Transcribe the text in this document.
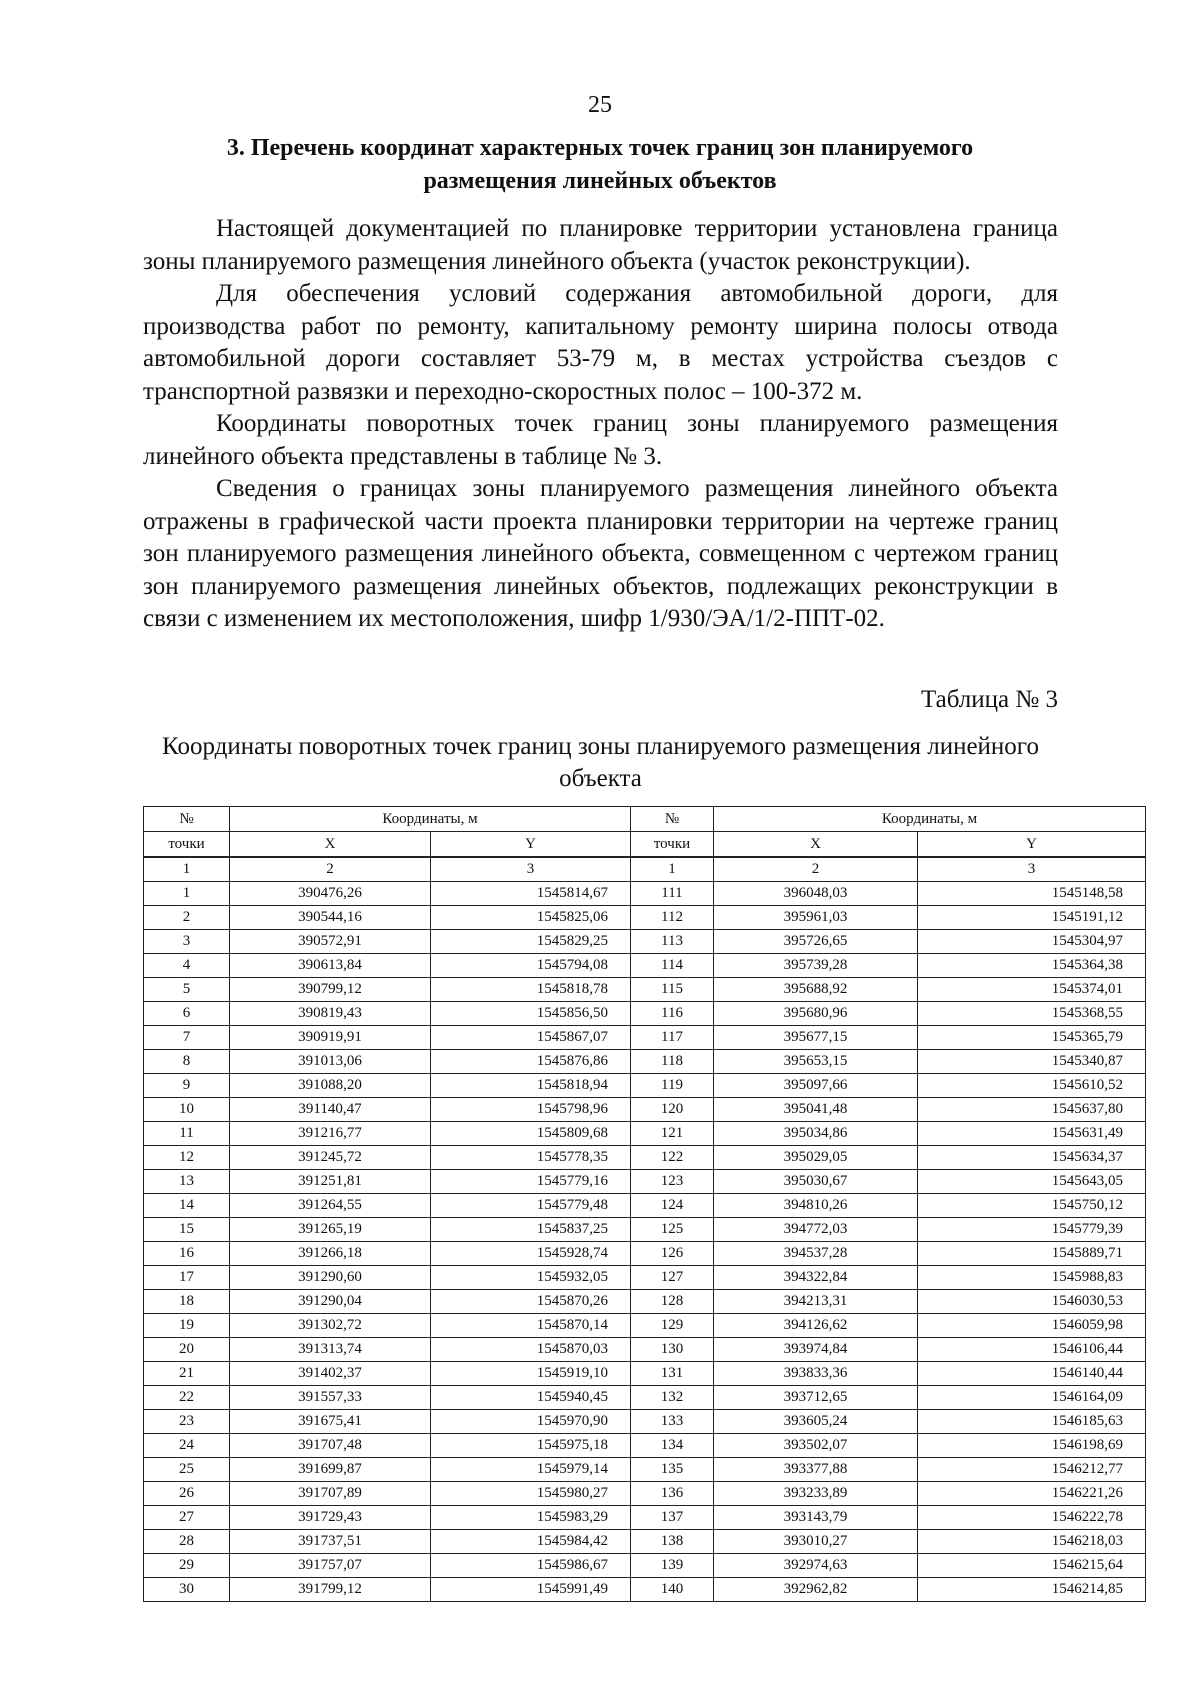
25
3. Перечень координат характерных точек границ зон планируемого
размещения линейных объектов

Настоящей документацией по планировке территории установлена граница зоны планируемого размещения линейного объекта (участок реконструкции).

Для обеспечения условий содержания автомобильной дороги, для производства работ по ремонту, капитальному ремонту ширина полосы отвода автомобильной дороги составляет 53-79 м, в местах устройства съездов с транспортной развязки и переходно-скоростных полос – 100-372 м.

Координаты поворотных точек границ зоны планируемого размещения линейного объекта представлены в таблице № 3.

Сведения о границах зоны планируемого размещения линейного объекта отражены в графической части проекта планировки территории на чертеже границ зон планируемого размещения линейного объекта, совмещенном с чертежом границ зон планируемого размещения линейных объектов, подлежащих реконструкции в связи с изменением их местоположения, шифр 1/930/ЭА/1/2-ППТ-02.

Таблица № 3
Координаты поворотных точек границ зоны планируемого размещения линейного
объекта
№	Координаты, м		№	Координаты, м	
точки	X	Y	точки	X	Y
1	2	3	1	2	3
1	390476,26	1545814,67	111	396048,03	1545148,58
2	390544,16	1545825,06	112	395961,03	1545191,12
3	390572,91	1545829,25	113	395726,65	1545304,97
4	390613,84	1545794,08	114	395739,28	1545364,38
5	390799,12	1545818,78	115	395688,92	1545374,01
6	390819,43	1545856,50	116	395680,96	1545368,55
7	390919,91	1545867,07	117	395677,15	1545365,79
8	391013,06	1545876,86	118	395653,15	1545340,87
9	391088,20	1545818,94	119	395097,66	1545610,52
10	391140,47	1545798,96	120	395041,48	1545637,80
11	391216,77	1545809,68	121	395034,86	1545631,49
12	391245,72	1545778,35	122	395029,05	1545634,37
13	391251,81	1545779,16	123	395030,67	1545643,05
14	391264,55	1545779,48	124	394810,26	1545750,12
15	391265,19	1545837,25	125	394772,03	1545779,39
16	391266,18	1545928,74	126	394537,28	1545889,71
17	391290,60	1545932,05	127	394322,84	1545988,83
18	391290,04	1545870,26	128	394213,31	1546030,53
19	391302,72	1545870,14	129	394126,62	1546059,98
20	391313,74	1545870,03	130	393974,84	1546106,44
21	391402,37	1545919,10	131	393833,36	1546140,44
22	391557,33	1545940,45	132	393712,65	1546164,09
23	391675,41	1545970,90	133	393605,24	1546185,63
24	391707,48	1545975,18	134	393502,07	1546198,69
25	391699,87	1545979,14	135	393377,88	1546212,77
26	391707,89	1545980,27	136	393233,89	1546221,26
27	391729,43	1545983,29	137	393143,79	1546222,78
28	391737,51	1545984,42	138	393010,27	1546218,03
29	391757,07	1545986,67	139	392974,63	1546215,64
30	391799,12	1545991,49	140	392962,82	1546214,85
